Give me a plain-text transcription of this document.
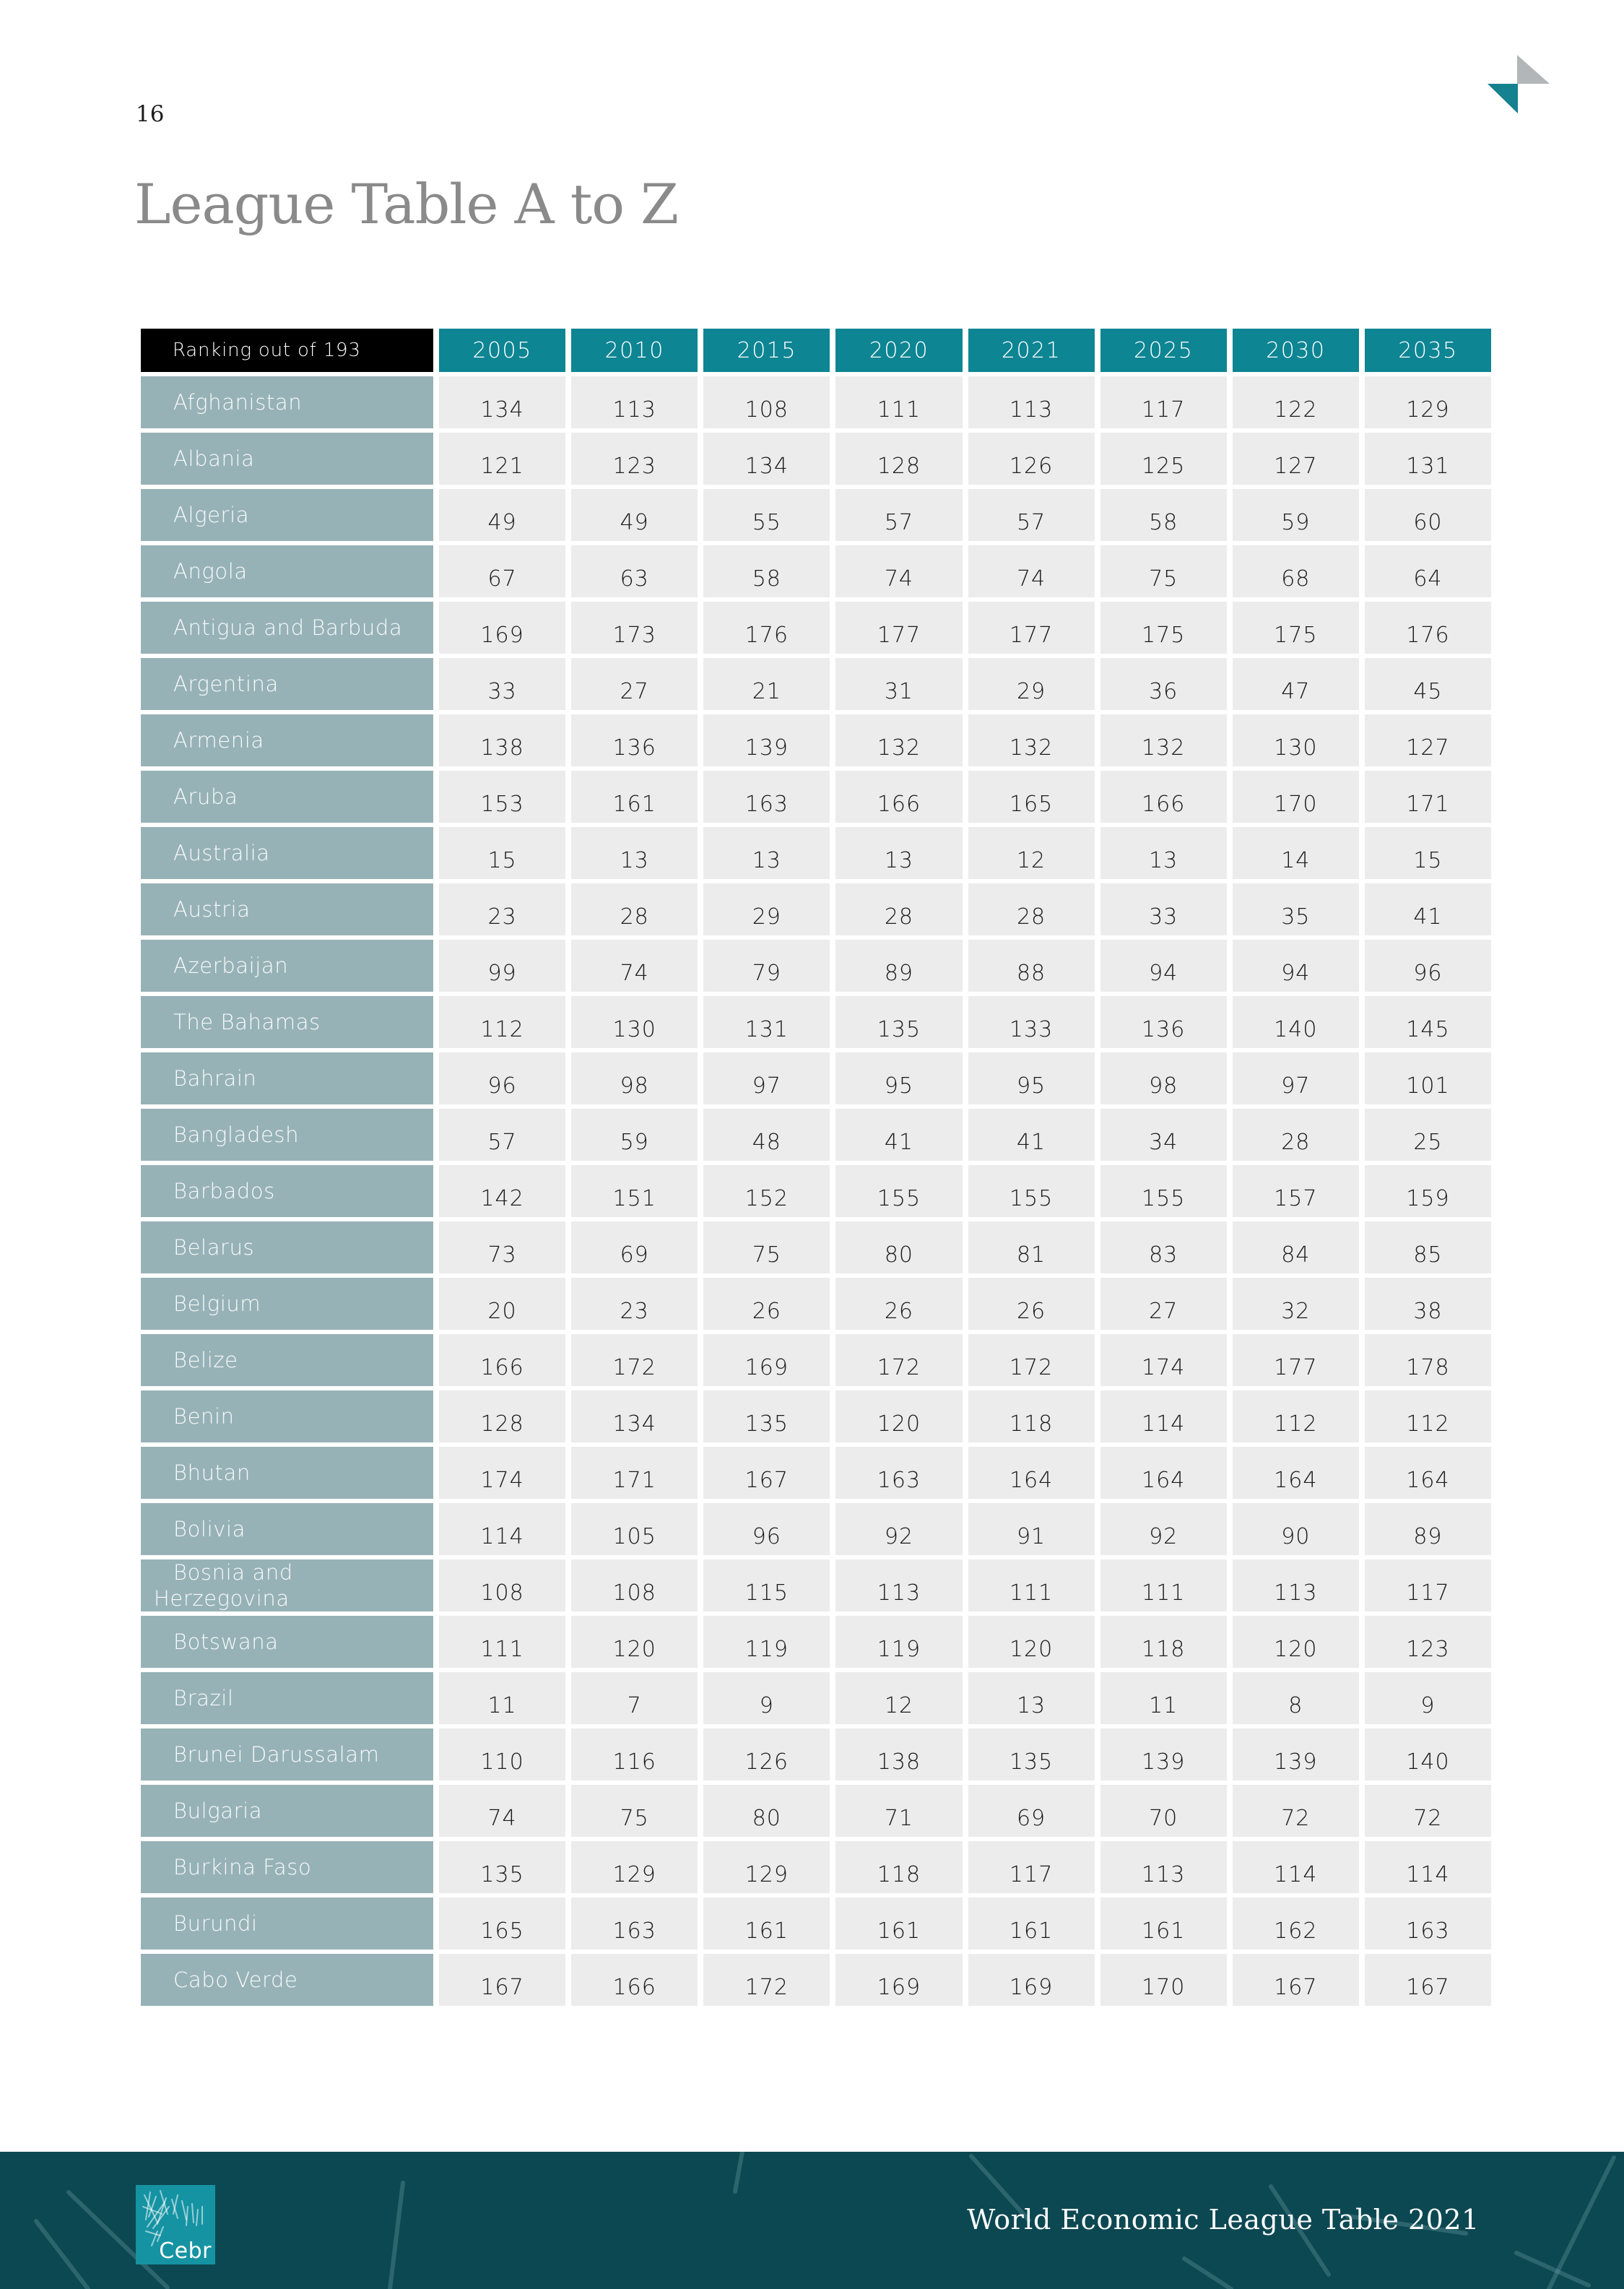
16
League Table A to Z
Ranking out of 193	2005	2010	2015	2020	2021	2025	2030	2035
Afghanistan	134	113	108	111	113	117	122	129
Albania	121	123	134	128	126	125	127	131
Algeria	49	49	55	57	57	58	59	60
Angola	67	63	58	74	74	75	68	64
Antigua and Barbuda	169	173	176	177	177	175	175	176
Argentina	33	27	21	31	29	36	47	45
Armenia	138	136	139	132	132	132	130	127
Aruba	153	161	163	166	165	166	170	171
Australia	15	13	13	13	12	13	14	15
Austria	23	28	29	28	28	33	35	41
Azerbaijan	99	74	79	89	88	94	94	96
The Bahamas	112	130	131	135	133	136	140	145
Bahrain	96	98	97	95	95	98	97	101
Bangladesh	57	59	48	41	41	34	28	25
Barbados	142	151	152	155	155	155	157	159
Belarus	73	69	75	80	81	83	84	85
Belgium	20	23	26	26	26	27	32	38
Belize	166	172	169	172	172	174	177	178
Benin	128	134	135	120	118	114	112	112
Bhutan	174	171	167	163	164	164	164	164
Bolivia	114	105	96	92	91	92	90	89
Bosnia and Herzegovina	108	108	115	113	111	111	113	117
Botswana	111	120	119	119	120	118	120	123
Brazil	11	7	9	12	13	11	8	9
Brunei Darussalam	110	116	126	138	135	139	139	140
Bulgaria	74	75	80	71	69	70	72	72
Burkina Faso	135	129	129	118	117	113	114	114
Burundi	165	163	161	161	161	161	162	163
Cabo Verde	167	166	172	169	169	170	167	167
Cebr
World Economic League Table 2021
